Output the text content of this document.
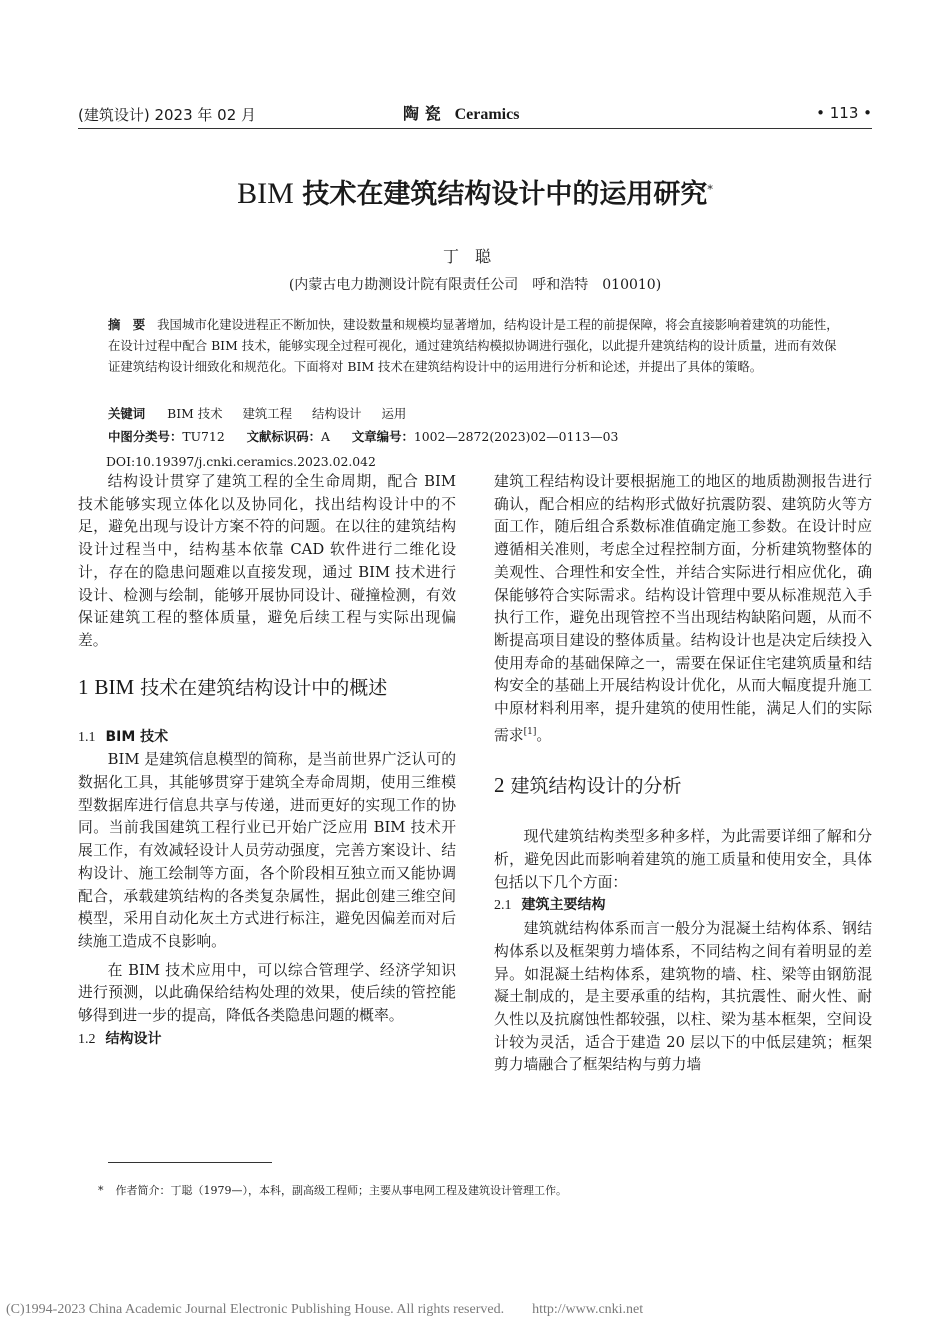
(建筑设计) 2023 年 02 月	陶 瓷 Ceramics	• 113 •
BIM 技术在建筑结构设计中的运用研究*
丁聪
(内蒙古电力勘测设计院有限责任公司　呼和浩特　010010)
摘　要 我国城市化建设进程正不断加快，建设数量和规模均显著增加，结构设计是工程的前提保障，将会直接影响着建筑的功能性，在设计过程中配合 BIM 技术，能够实现全过程可视化，通过建筑结构模拟协调进行强化，以此提升建筑结构的设计质量，进而有效保证建筑结构设计细致化和规范化。下面将对 BIM 技术在建筑结构设计中的运用进行分析和论述，并提出了具体的策略。
关键词 BIM 技术 建筑工程 结构设计 运用
中图分类号：TU712 文献标识码：A 文章编号：1002—2872(2023)02—0113—03
DOI:10.19397/j.cnki.ceramics.2023.02.042

结构设计贯穿了建筑工程的全生命周期，配合 BIM 技术能够实现立体化以及协同化，找出结构设计中的不足，避免出现与设计方案不符的问题。在以往的建筑结构设计过程当中，结构基本依靠 CAD 软件进行二维化设计，存在的隐患问题难以直接发现，通过 BIM 技术进行设计、检测与绘制，能够开展协同设计、碰撞检测，有效保证建筑工程的整体质量，避免后续工程与实际出现偏差。

1 BIM 技术在建筑结构设计中的概述
1.1 BIM 技术

BIM 是建筑信息模型的简称，是当前世界广泛认可的数据化工具，其能够贯穿于建筑全寿命周期，使用三维模型数据库进行信息共享与传递，进而更好的实现工作的协同。当前我国建筑工程行业已开始广泛应用 BIM 技术开展工作，有效减轻设计人员劳动强度，完善方案设计、结构设计、施工绘制等方面，各个阶段相互独立而又能协调配合，承载建筑结构的各类复杂属性，据此创建三维空间模型，采用自动化灰土方式进行标注，避免因偏差而对后续施工造成不良影响。

在 BIM 技术应用中，可以综合管理学、经济学知识进行预测，以此确保给结构处理的效果，使后续的管控能够得到进一步的提高，降低各类隐患问题的概率。

1.2 结构设计

建筑工程结构设计要根据施工的地区的地质勘测报告进行确认，配合相应的结构形式做好抗震防裂、建筑防火等方面工作，随后组合系数标准值确定施工参数。在设计时应遵循相关准则，考虑全过程控制方面，分析建筑物整体的美观性、合理性和安全性，并结合实际进行相应优化，确保能够符合实际需求。结构设计管理中要从标准规范入手执行工作，避免出现管控不当出现结构缺陷问题，从而不断提高项目建设的整体质量。结构设计也是决定后续投入使用寿命的基础保障之一，需要在保证住宅建筑质量和结构安全的基础上开展结构设计优化，从而大幅度提升施工中原材料利用率，提升建筑的使用性能，满足人们的实际需求[1]。

2 建筑结构设计的分析

现代建筑结构类型多种多样，为此需要详细了解和分析，避免因此而影响着建筑的施工质量和使用安全，具体包括以下几个方面：

2.1 建筑主要结构

建筑就结构体系而言一般分为混凝土结构体系、钢结构体系以及框架剪力墙体系，不同结构之间有着明显的差异。如混凝土结构体系，建筑物的墙、柱、梁等由钢筋混凝土制成的，是主要承重的结构，其抗震性、耐火性、耐久性以及抗腐蚀性都较强，以柱、梁为基本框架，空间设计较为灵活，适合于建造 20 层以下的中低层建筑；框架剪力墙融合了框架结构与剪力墙

* 作者简介：丁聪（1979—），本科，副高级工程师；主要从事电网工程及建筑设计管理工作。
(C)1994-2023 China Academic Journal Electronic Publishing House. All rights reserved.　　http://www.cnki.net
